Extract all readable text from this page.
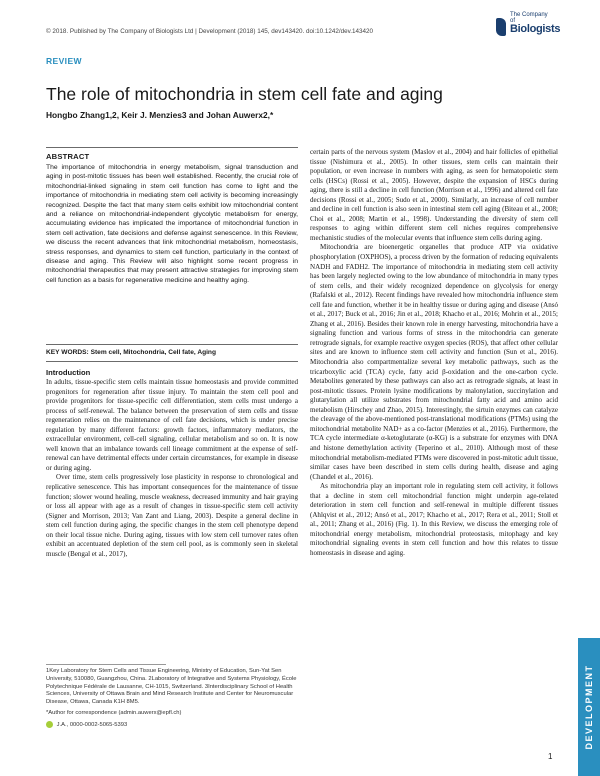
© 2018. Published by The Company of Biologists Ltd | Development (2018) 145, dev143420. doi:10.1242/dev.143420
The Company of
Biologists
REVIEW
The role of mitochondria in stem cell fate and aging
Hongbo Zhang1,2, Keir J. Menzies3 and Johan Auwerx2,*
ABSTRACT
The importance of mitochondria in energy metabolism, signal transduction and aging in post-mitotic tissues has been well established. Recently, the crucial role of mitochondrial-linked signaling in stem cell function has come to light and the importance of mitochondria in mediating stem cell activity is becoming increasingly recognized. Despite the fact that many stem cells exhibit low mitochondrial content and a reliance on mitochondrial-independent glycolytic metabolism for energy, accumulating evidence has implicated the importance of mitochondrial function in stem cell activation, fate decisions and defense against senescence. In this Review, we discuss the recent advances that link mitochondrial metabolism, homeostasis, stress responses, and dynamics to stem cell function, particularly in the context of disease and aging. This Review will also highlight some recent progress in mitochondrial therapeutics that may present attractive strategies for improving stem cell function as a basis for regenerative medicine and healthy aging.
KEY WORDS: Stem cell, Mitochondria, Cell fate, Aging
Introduction

In adults, tissue-specific stem cells maintain tissue homeostasis and provide committed progenitors for regeneration after tissue injury. To maintain the stem cell pool and provide progenitors for tissue-specific cell differentiation, stem cells must undergo a process of self-renewal. The balance between the preservation of stem cells and tissue regeneration relies on the maintenance of cell fate decisions, which is under precise regulation by many different factors: growth factors, inflammatory mediators, the extracellular environment, cell-cell signaling, cellular metabolism and so on. It is now well known that an imbalance towards cell lineage commitment at the expense of self-renewal can have detrimental effects under certain circumstances, for example in disease or during aging.

Over time, stem cells progressively lose plasticity in response to chronological and replicative senescence. This has important consequences for the maintenance of tissue function; slower wound healing, muscle weakness, decreased immunity and hair graying or loss all appear with age as a result of changes in tissue-specific stem cell activity (Signer and Morrison, 2013; Van Zant and Liang, 2003). Despite a general decline in stem cell function during aging, the specific changes in the stem cell phenotype depend on their local tissue niche. During aging, tissues with low stem cell turnover rates often exhibit an accentuated depletion of the stem cell pool, as is commonly seen in skeletal muscle (Bengal et al., 2017),

certain parts of the nervous system (Maslov et al., 2004) and hair follicles of epithelial tissue (Nishimura et al., 2005). In other tissues, stem cells can maintain their population, or even increase in numbers with aging, as seen for hematopoietic stem cells (HSCs) (Rossi et al., 2005). However, despite the expansion of HSCs during aging, there is still a decline in cell function (Morrison et al., 1996) and altered cell fate decisions (Rossi et al., 2005; Sudo et al., 2000). Similarly, an increase of cell number and decline in cell function is also seen in intestinal stem cell aging (Biteau et al., 2008; Choi et al., 2008; Martin et al., 1998). Understanding the diversity of stem cell responses to aging within different stem cell niches requires comprehensive mechanistic studies of the molecular events that influence stem cells during aging.

Mitochondria are bioenergetic organelles that produce ATP via oxidative phosphorylation (OXPHOS), a process driven by the formation of reducing equivalents NADH and FADH2. The importance of mitochondria in mediating stem cell activity has been largely neglected owing to the low abundance of mitochondria in many types of stem cells, and their widely recognized dependence on glycolysis for energy (Rafalski et al., 2012). Recent findings have revealed how mitochondria influence stem cell fate and function, whether it be in healthy tissue or during aging and disease (Ansó et al., 2017; Buck et al., 2016; Jin et al., 2018; Khacho et al., 2016; Mohrin et al., 2015; Zhang et al., 2016). Besides their known role in energy harvesting, mitochondria have a signaling function and various forms of stress in the mitochondria can generate retrograde signals, for example reactive oxygen species (ROS), that affect other cellular sites and are known to influence stem cell activity and function (Sun et al., 2016). Mitochondria also compartmentalize several key metabolic pathways, such as the tricarboxylic acid (TCA) cycle, fatty acid β-oxidation and the one-carbon cycle. Metabolites generated by these pathways can also act as retrograde signals, at least in post-mitotic tissues. Protein lysine modifications by malonylation, succinylation and glutarylation all utilize substrates from mitochondrial fatty acid and amino acid metabolism (Hirschey and Zhao, 2015). Interestingly, the sirtuin enzymes can catalyze the cleavage of the above-mentioned post-translational modifications (PTMs) using the mitochondrial metabolite NAD+ as a co-factor (Menzies et al., 2016). Furthermore, the TCA cycle intermediate α-ketoglutarate (α-KG) is a substrate for enzymes with DNA and histone demethylation activity (Teperino et al., 2010). Although most of these mitochondrial metabolism-mediated PTMs were discovered in post-mitotic adult tissue, similar cases have been described in stem cells during health, disease and aging (Chandel et al., 2016).

As mitochondria play an important role in regulating stem cell activity, it follows that a decline in stem cell mitochondrial function might underpin age-related deterioration in stem cell function and self-renewal in multiple different tissues (Ahlqvist et al., 2012; Ansó et al., 2017; Khacho et al., 2017; Rera et al., 2011; Stoll et al., 2011; Zhang et al., 2016) (Fig. 1). In this Review, we discuss the emerging role of mitochondrial energy metabolism, mitochondrial proteostasis, mitophagy and key mitochondrial signaling events in stem cell function and how this relates to tissue homeostasis in disease and aging.

1Key Laboratory for Stem Cells and Tissue Engineering, Ministry of Education, Sun-Yat Sen University, 510080, Guangzhou, China. 2Laboratory of Integrative and Systems Physiology, École Polytechnique Fédérale de Lausanne, CH-1015, Switzerland. 3Interdisciplinary School of Health Sciences, University of Ottawa Brain and Mind Research Institute and Center for Neuromuscular Disease, Ottawa, Canada K1H 8M5.

*Author for correspondence (admin.auwerx@epfl.ch)

J.A., 0000-0002-5065-5393	DEVELOPMENT
1
